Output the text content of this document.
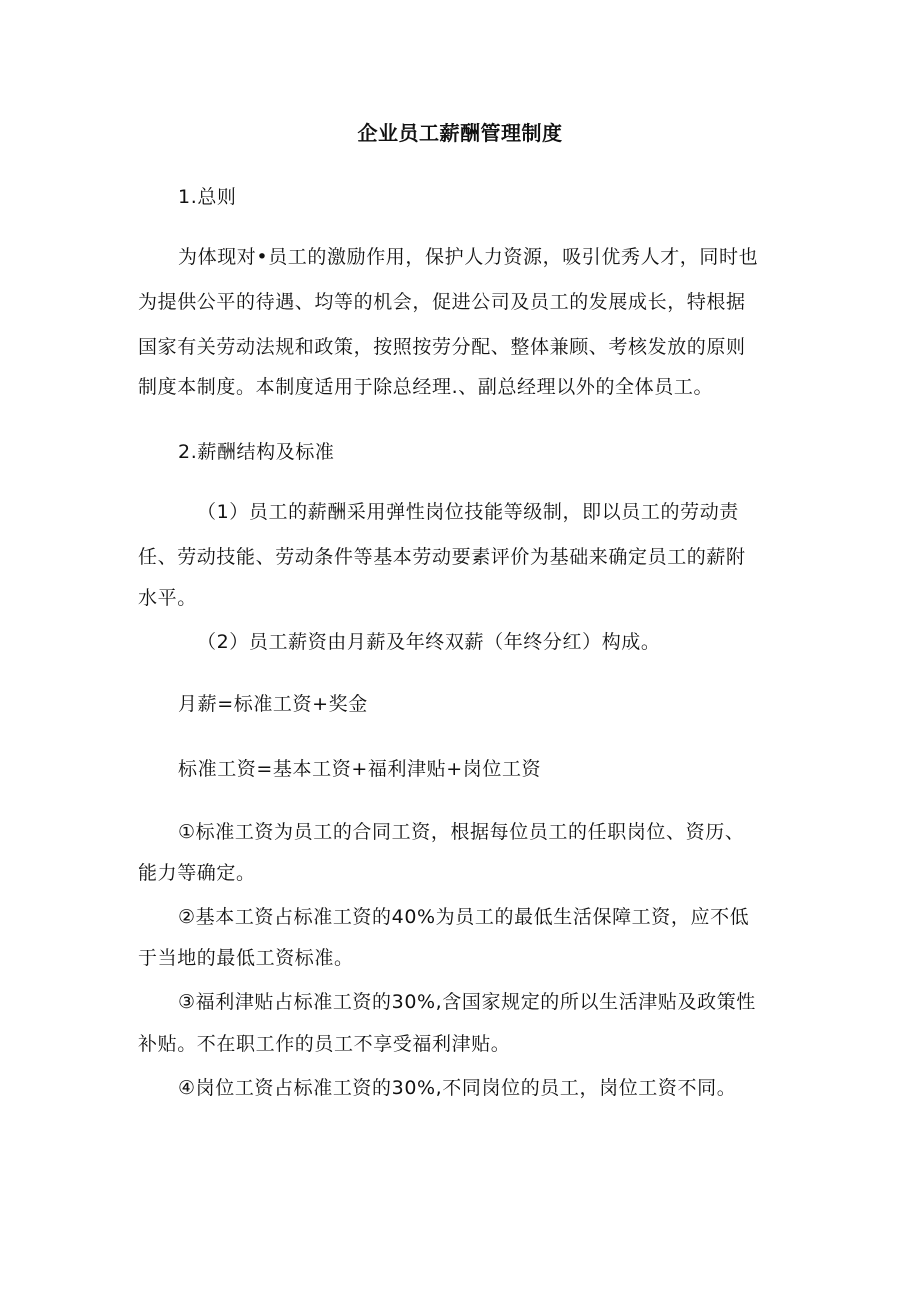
企业员工薪酬管理制度
1.总则
为体现对•员工的激励作用，保护人力资源，吸引优秀人才，同时也
为提供公平的待遇、均等的机会，促进公司及员工的发展成长，特根据
国家有关劳动法规和政策，按照按劳分配、整体兼顾、考核发放的原则
制度本制度。本制度适用于除总经理.、副总经理以外的全体员工。
2.薪酬结构及标准
（1）员工的薪酬采用弹性岗位技能等级制，即以员工的劳动责
任、劳动技能、劳动条件等基本劳动要素评价为基础来确定员工的薪附
水平。
（2）员工薪资由月薪及年终双薪（年终分红）构成。
月薪=标准工资+奖金
标准工资=基本工资+福利津贴+岗位工资
①标准工资为员工的合同工资，根据每位员工的任职岗位、资历、
能力等确定。
②基本工资占标准工资的40%为员工的最低生活保障工资，应不低
于当地的最低工资标准。
③福利津贴占标准工资的30%,含国家规定的所以生活津贴及政策性
补贴。不在职工作的员工不享受福利津贴。
④岗位工资占标准工资的30%,不同岗位的员工，岗位工资不同。
